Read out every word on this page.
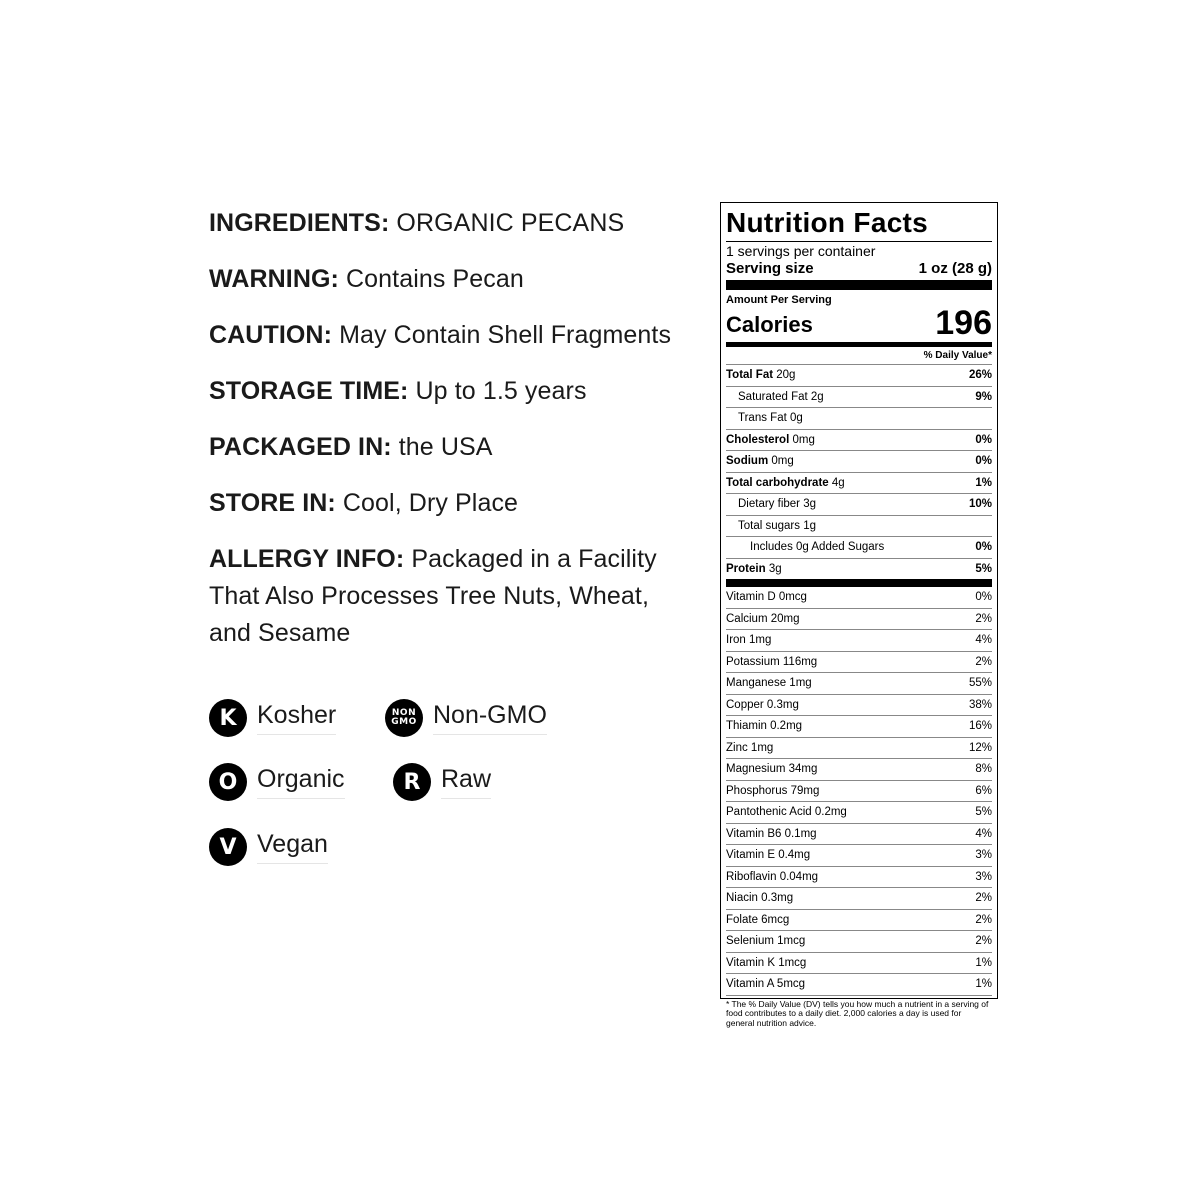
INGREDIENTS: ORGANIC PECANS

WARNING: Contains Pecan

CAUTION: May Contain Shell Fragments

STORAGE TIME: Up to 1.5 years

PACKAGED IN: the USA

STORE IN: Cool, Dry Place

ALLERGY INFO: Packaged in a Facility That Also Processes Tree Nuts, Wheat, and Sesame

K Kosher	NON
GMO Non-GMO
O Organic	R Raw
V Vegan
Nutrition Facts
1 servings per container
Serving size	1 oz (28 g)
Amount Per Serving
Calories	196
% Daily Value*
Total Fat 20g	26%
Saturated Fat 2g	9%
Trans Fat 0g
Cholesterol 0mg	0%
Sodium 0mg	0%
Total carbohydrate 4g	1%
Dietary fiber 3g	10%
Total sugars 1g
Includes 0g Added Sugars	0%
Protein 3g	5%
Vitamin D 0mcg	0%
Calcium 20mg	2%
Iron 1mg	4%
Potassium 116mg	2%
Manganese 1mg	55%
Copper 0.3mg	38%
Thiamin 0.2mg	16%
Zinc 1mg	12%
Magnesium 34mg	8%
Phosphorus 79mg	6%
Pantothenic Acid 0.2mg	5%
Vitamin B6 0.1mg	4%
Vitamin E 0.4mg	3%
Riboflavin 0.04mg	3%
Niacin 0.3mg	2%
Folate 6mcg	2%
Selenium 1mcg	2%
Vitamin K 1mcg	1%
Vitamin A 5mcg	1%
* The % Daily Value (DV) tells you how much a nutrient in a serving of food contributes to a daily diet. 2,000 calories a day is used for general nutrition advice.
